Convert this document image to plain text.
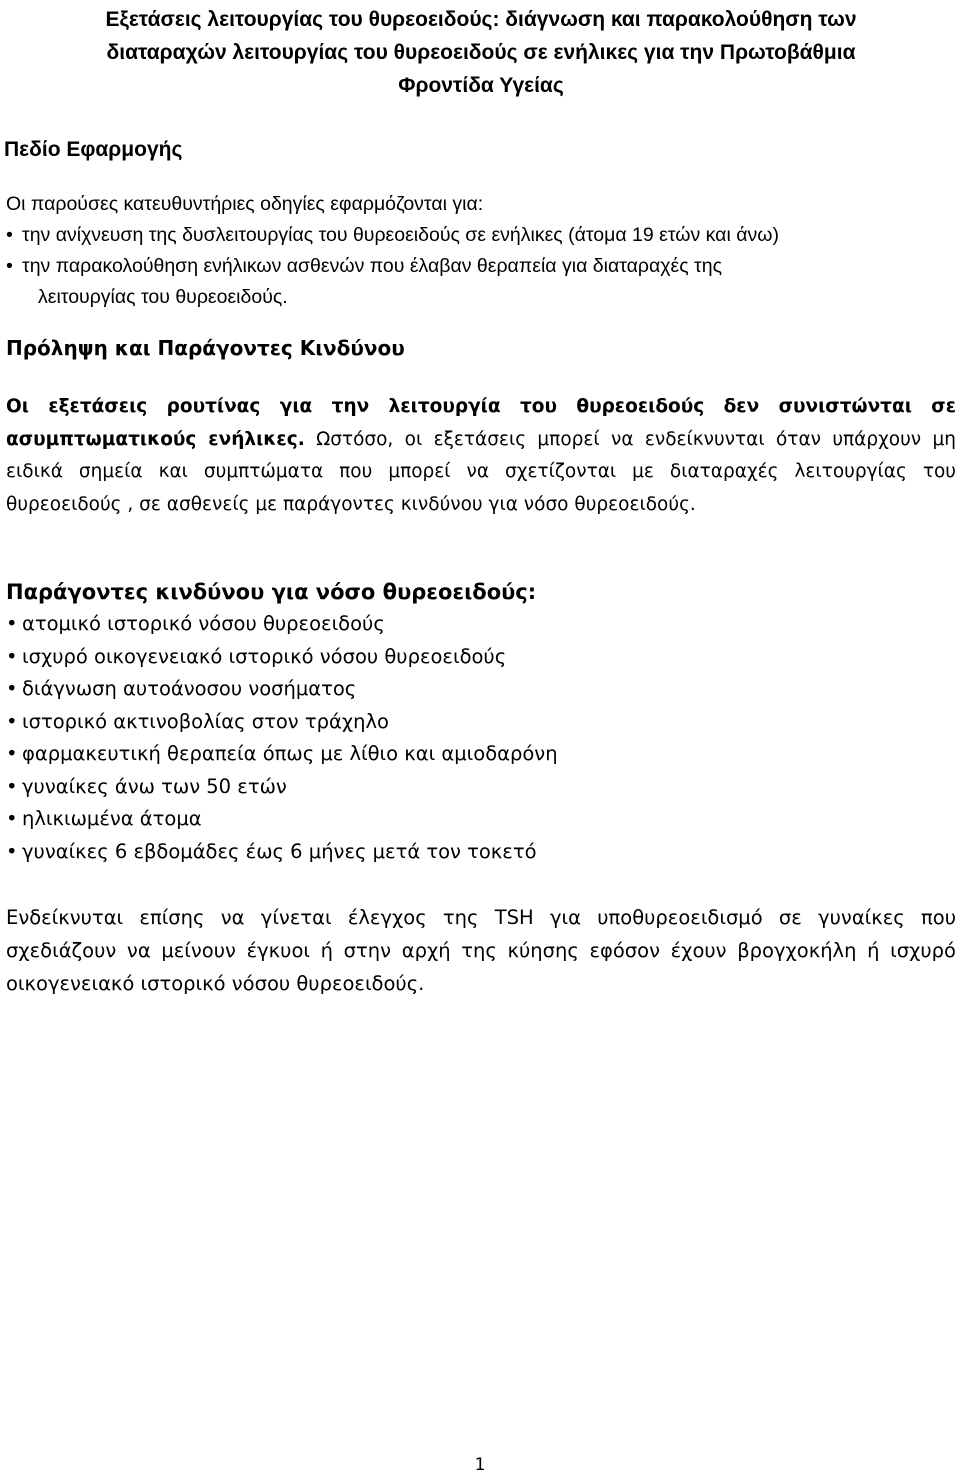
Εξετάσεις λειτουργίας του θυρεοειδούς: διάγνωση και παρακολούθηση των
διαταραχών λειτουργίας του θυρεοειδούς σε ενήλικες για την Πρωτοβάθμια
Φροντίδα Υγείας
Πεδίο Εφαρμογής
Οι παρούσες κατευθυντήριες οδηγίες εφαρμόζονται για:
• την ανίχνευση της δυσλειτουργίας του θυρεοειδούς σε ενήλικες (άτομα 19 ετών και άνω)
• την παρακολούθηση ενήλικων ασθενών που έλαβαν θεραπεία για διαταραχές της
λειτουργίας του θυρεοειδούς.
Πρόληψη και Παράγοντες Κινδύνου

Οι εξετάσεις ρουτίνας για την λειτουργία του θυρεοειδούς δεν συνιστώνται σε ασυμπτωματικούς ενήλικες. Ωστόσο, οι εξετάσεις μπορεί να ενδείκνυνται όταν υπάρχουν μη ειδικά σημεία και συμπτώματα που μπορεί να σχετίζονται με διαταραχές λειτουργίας του θυρεοειδούς , σε ασθενείς με παράγοντες κινδύνου για νόσο θυρεοειδούς.

Παράγοντες κινδύνου για νόσο θυρεοειδούς:
• ατομικό ιστορικό νόσου θυρεοειδούς
• ισχυρό οικογενειακό ιστορικό νόσου θυρεοειδούς
• διάγνωση αυτοάνοσου νοσήματος
• ιστορικό ακτινοβολίας στον τράχηλο
• φαρμακευτική θεραπεία όπως με λίθιο και αμιοδαρόνη
• γυναίκες άνω των 50 ετών
• ηλικιωμένα άτομα
• γυναίκες 6 εβδομάδες έως 6 μήνες μετά τον τοκετό

Ενδείκνυται επίσης να γίνεται έλεγχος της TSH για υποθυρεοειδισμό σε γυναίκες που σχεδιάζουν να μείνουν έγκυοι ή στην αρχή της κύησης εφόσον έχουν βρογχοκήλη ή ισχυρό οικογενειακό ιστορικό νόσου θυρεοειδούς.

1
